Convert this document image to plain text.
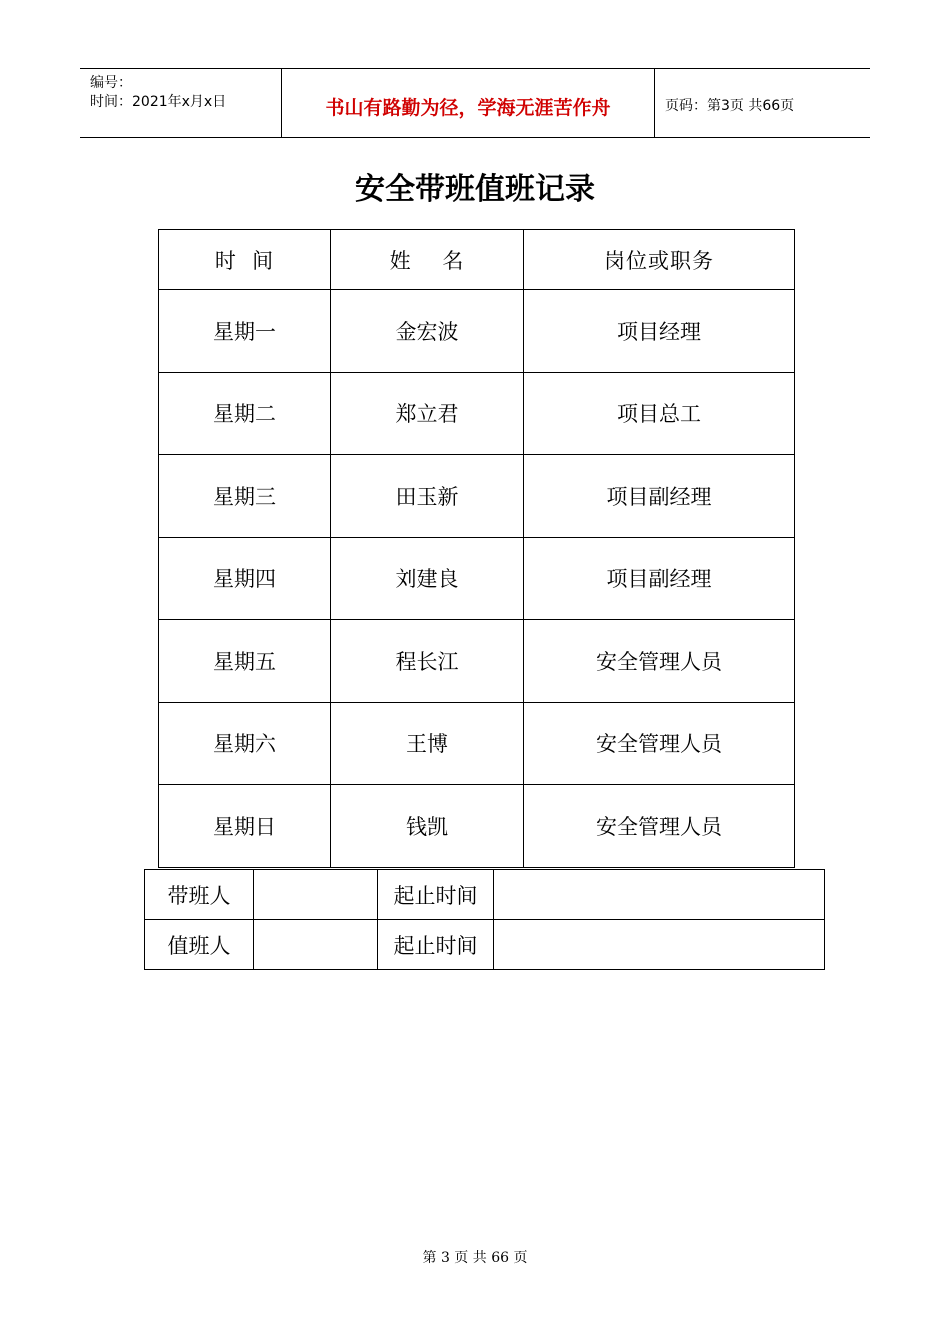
编号：
时间：2021年x月x日	书山有路勤为径，学海无涯苦作舟	页码：第3页 共66页
安全带班值班记录
时  间	姓    名	岗位或职务
星期一	金宏波	项目经理
星期二	郑立君	项目总工
星期三	田玉新	项目副经理
星期四	刘建良	项目副经理
星期五	程长江	安全管理人员
星期六	王博	安全管理人员
星期日	钱凯	安全管理人员
带班人		起止时间	
值班人		起止时间	
第 3 页 共 66 页
